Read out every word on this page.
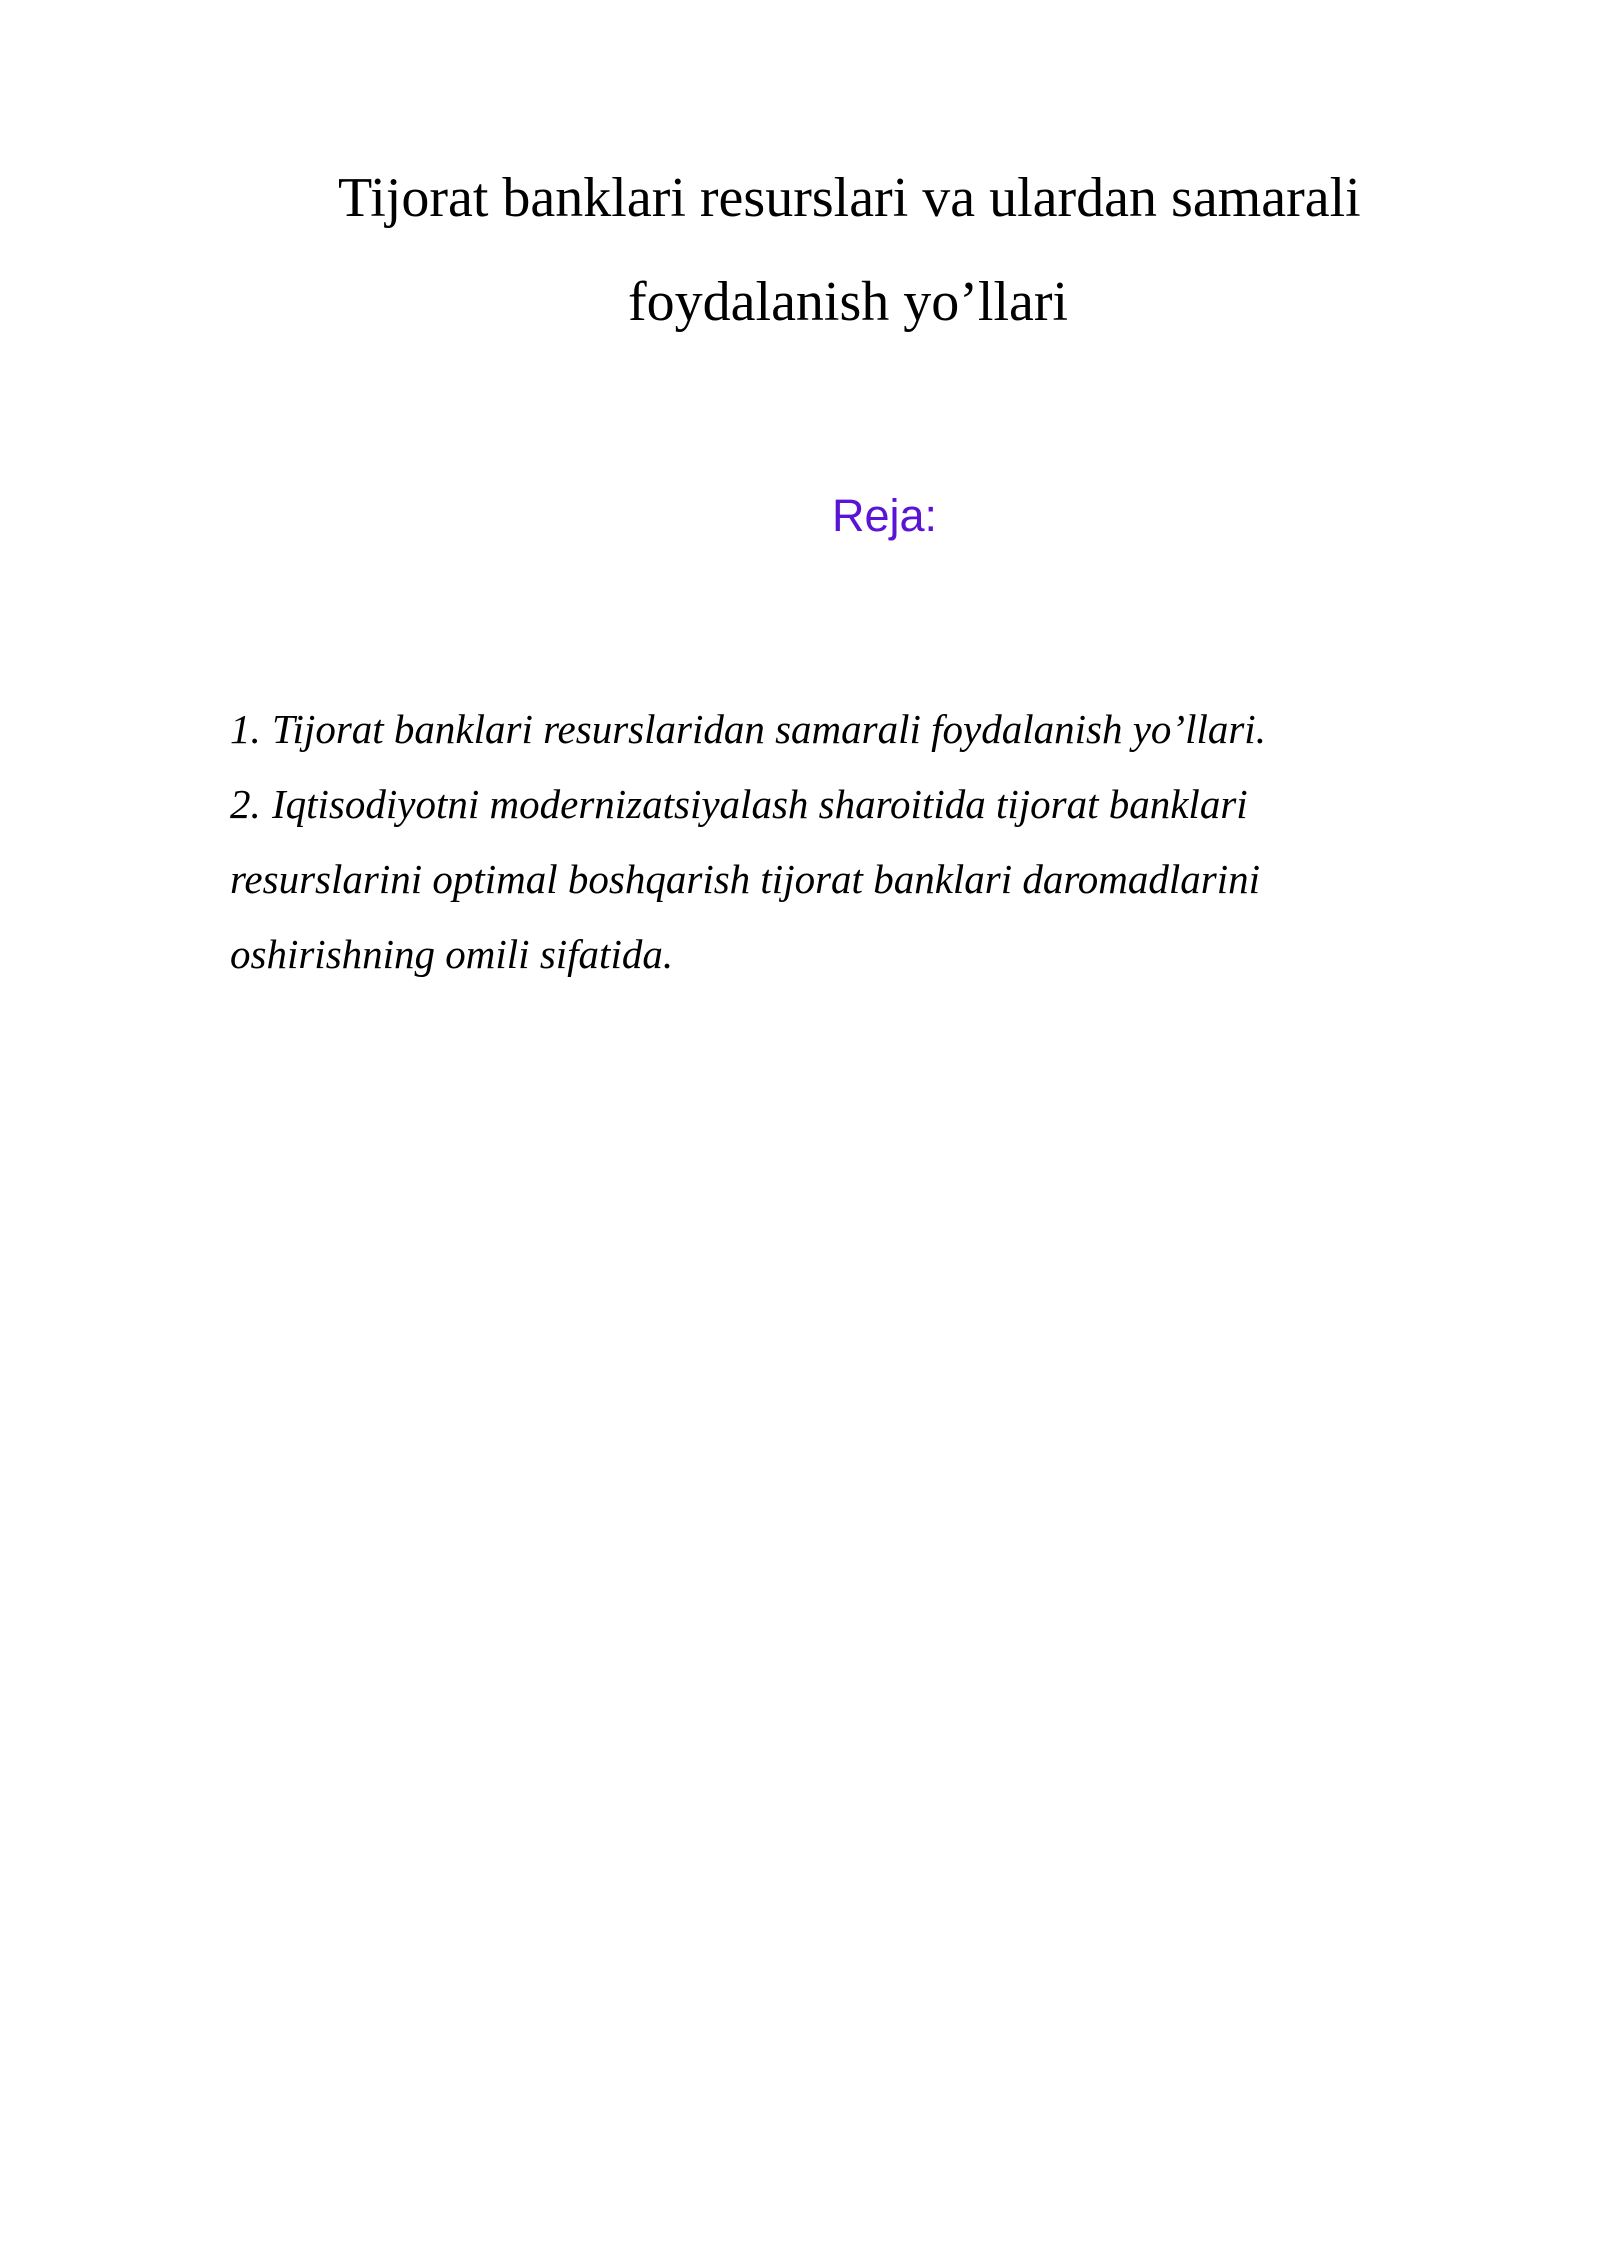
Tijorat banklari resurslari va ulardan samarali
foydalanish yo’llari
Reja:
1. Tijorat banklari resurslaridan samarali foydalanish yo’llari.
2. Iqtisodiyotni modernizatsiyalash sharoitida tijorat banklari
resurslarini optimal boshqarish tijorat banklari daromadlarini
oshirishning omili sifatida.
